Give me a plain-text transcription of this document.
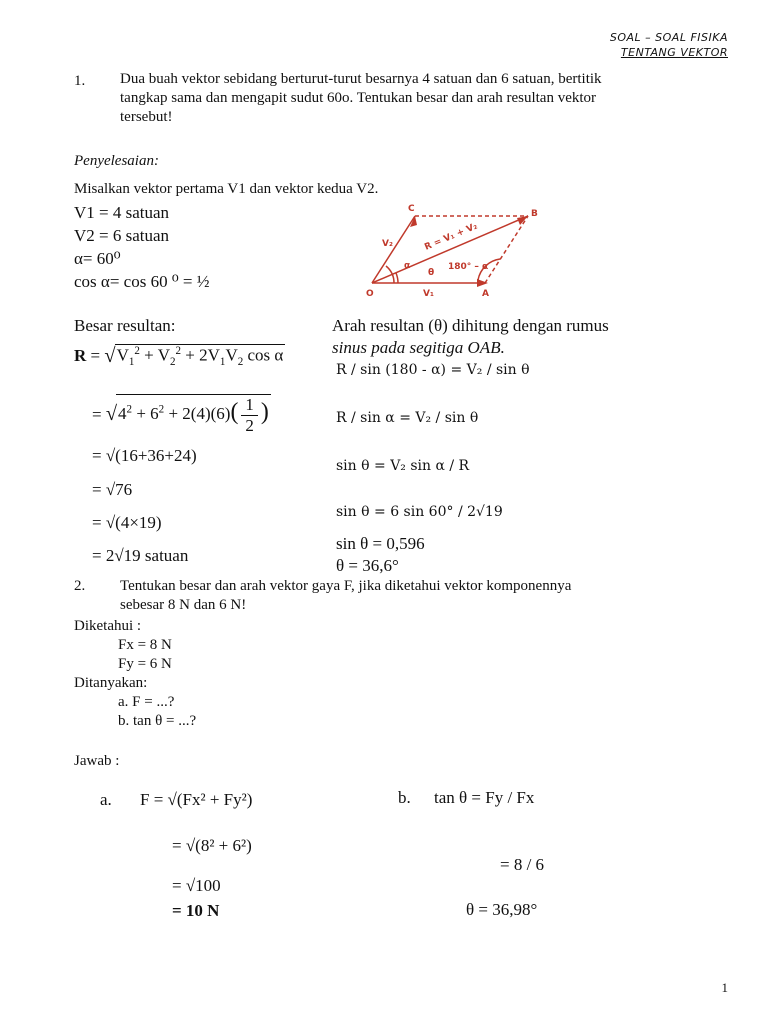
SOAL – SOAL FISIKA
TENTANG VEKTOR
1. Dua buah vektor sebidang berturut-turut besarnya 4 satuan dan 6 satuan, bertitik
tangkap sama dan mengapit sudut 60o. Tentukan besar dan arah resultan vektor
tersebut!
Penyelesaian:
Misalkan vektor pertama V1 dan vektor kedua V2.
V1 = 4 satuan
V2 = 6 satuan
α= 60⁰
cos α= cos 60 ⁰ = ½
C	B
O	A
V₂
V₁
R = V₁ + V₂
α
θ
180° – α
Besar resultan:
R = √ $V_1^2 + V_2^2 + 2V_1V_2$ cos α
= √ $4^2 + 6^2 + 2(4)(6)( \frac{1}{2}$ )
= √(16+36+24)
= √76
= √(4×19)
= 2√19 satuan
Arah resultan (θ) dihitung dengan rumus
sinus pada segitiga OAB.
R / sin (180 - α) = V₂ / sin θ
R / sin α = V₂ / sin θ
sin θ = V₂ sin α / R
sin θ = 6 sin 60° / 2√19
sin θ = 0,596
θ = 36,6°
2. Tentukan besar dan arah vektor gaya F, jika diketahui vektor komponennya
sebesar 8 N dan 6 N!
Diketahui :
Fx = 8 N
Fy = 6 N
Ditanyakan:
a. F = ...?
b. tan θ = ...?
Jawab :
a. F = √(Fx² + Fy²)
= √(8² + 6²)
= √100
= 10 N
b. tan θ = Fy / Fx
= 8 / 6
θ = 36,98°
1
